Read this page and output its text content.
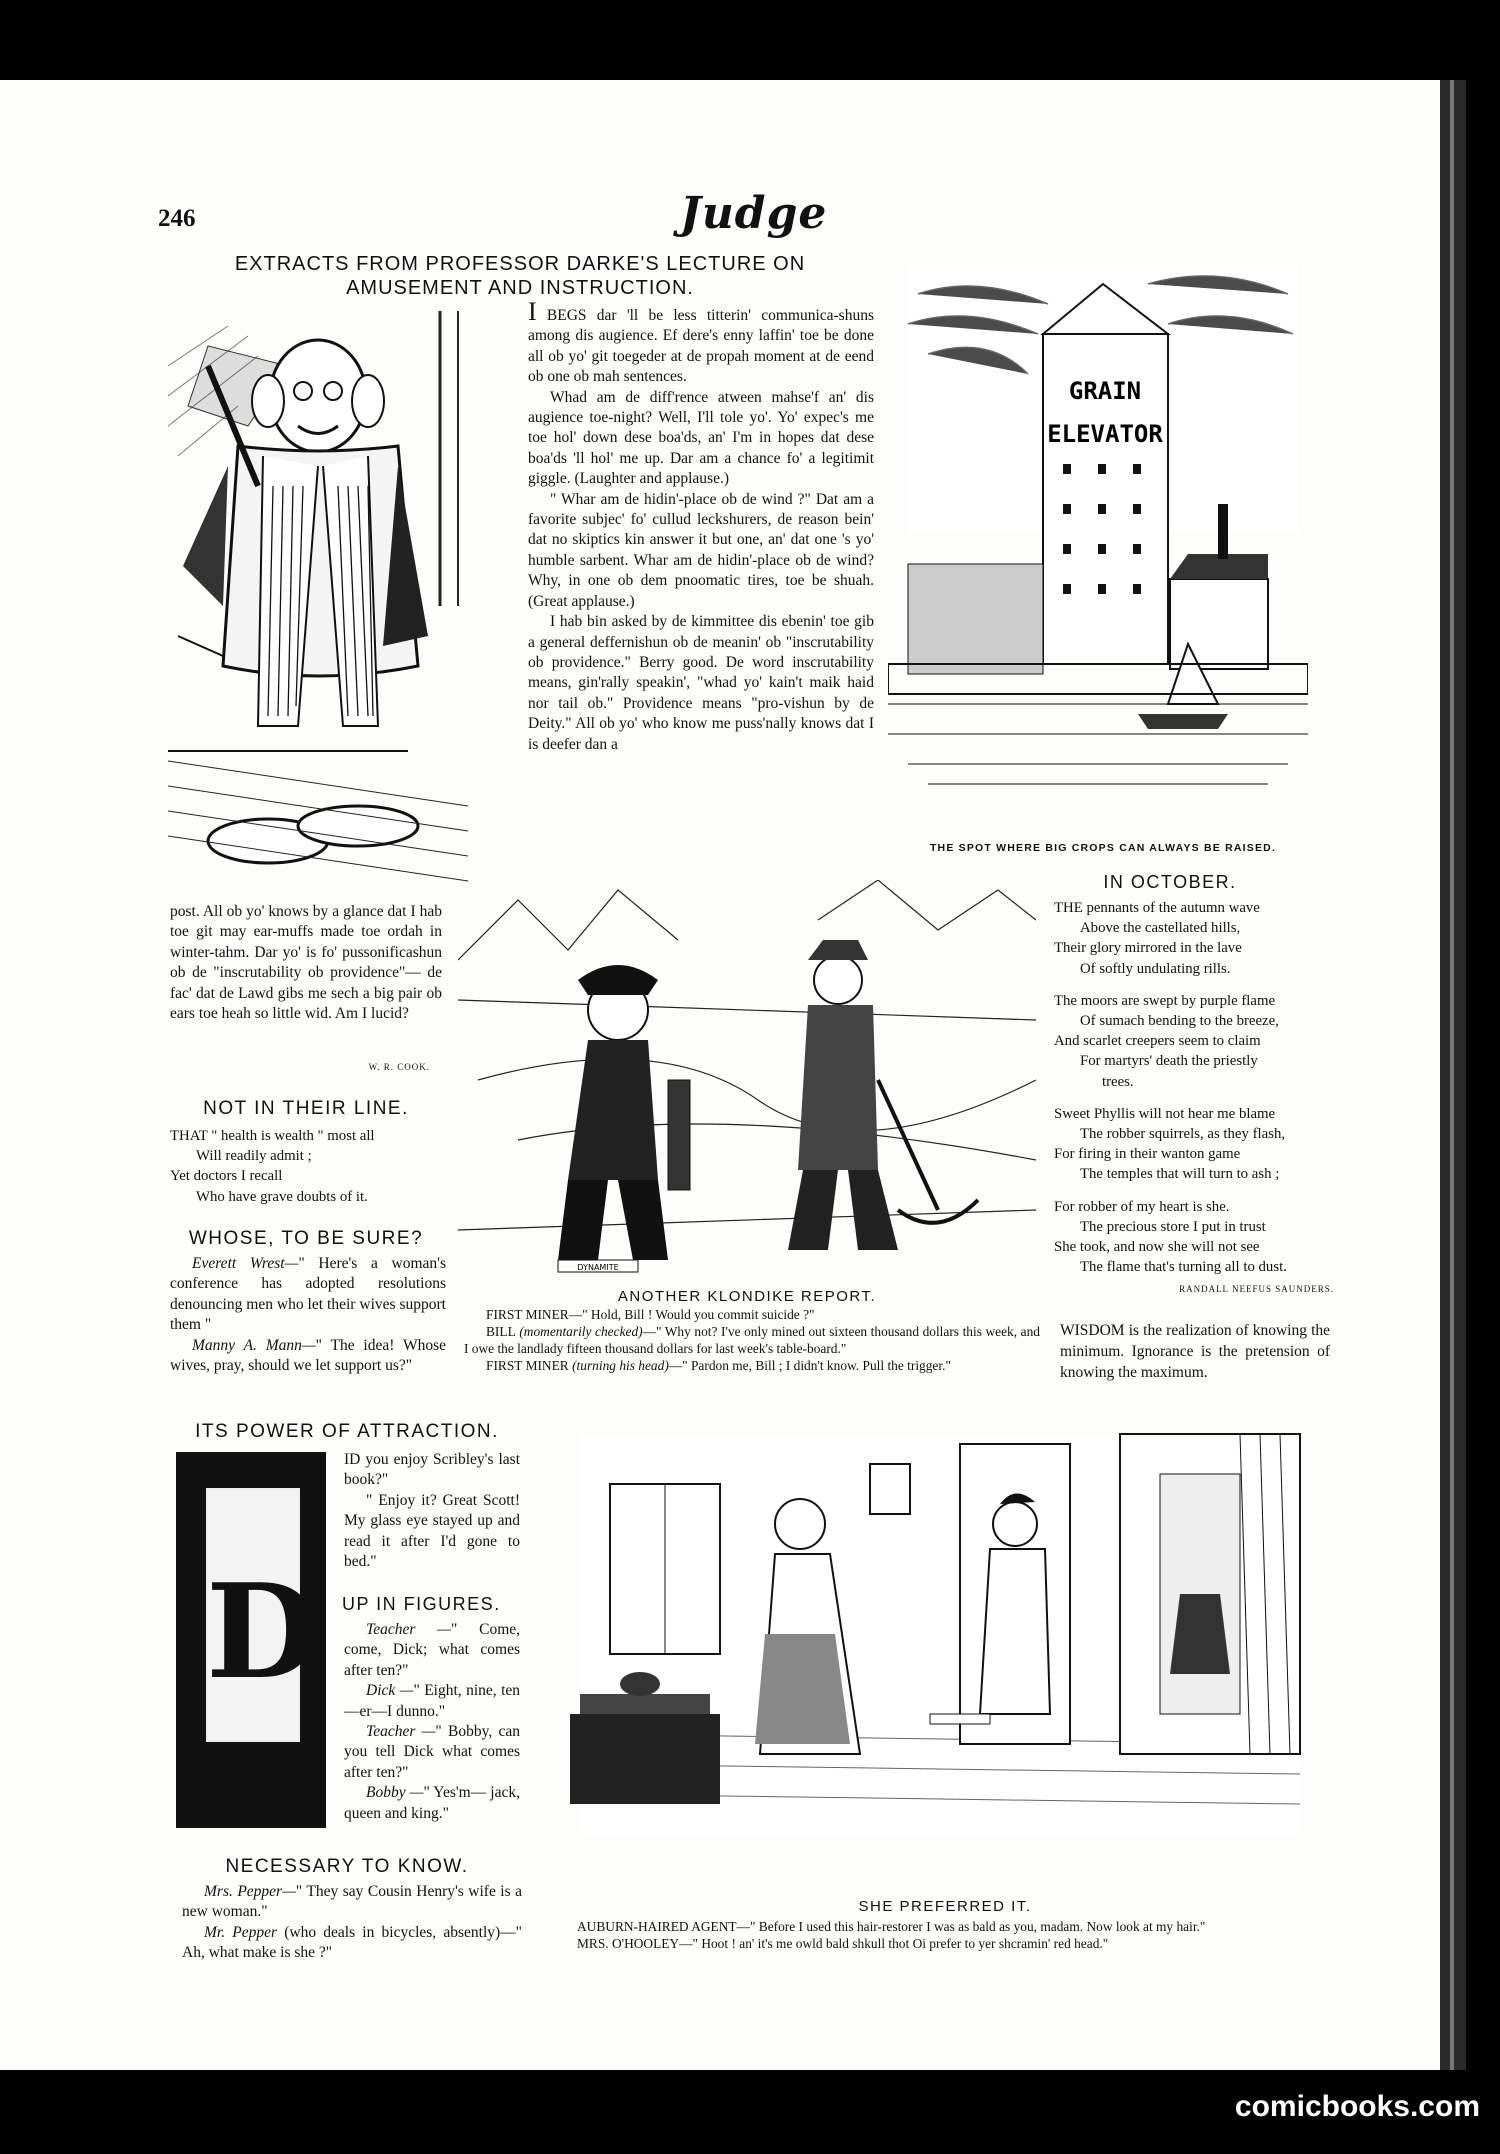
246	Judge
EXTRACTS FROM PROFESSOR DARKE'S LECTURE ON
AMUSEMENT AND INSTRUCTION.

I BEGS dar 'll be less titterin' communica-shuns among dis augience. Ef dere's enny laffin' toe be done all ob yo' git toegeder at de propah moment at de eend ob one ob mah sentences.

Whad am de diff'rence atween mahse'f an' dis augience toe-night? Well, I'll tole yo'. Yo' expec's me toe hol' down dese boa'ds, an' I'm in hopes dat dese boa'ds 'll hol' me up. Dar am a chance fo' a legitimit giggle. (Laughter and applause.)

" Whar am de hidin'-place ob de wind ?" Dat am a favorite subjec' fo' cullud leckshurers, de reason bein' dat no skiptics kin answer it but one, an' dat one 's yo' humble sarbent. Whar am de hidin'-place ob de wind? Why, in one ob dem pnoomatic tires, toe be shuah. (Great applause.)

I hab bin asked by de kimmittee dis ebenin' toe gib a general deffernishun ob de meanin' ob "inscrutability ob providence." Berry good. De word inscrutability means, gin'rally speakin', "whad yo' kain't maik haid nor tail ob." Providence means "pro-vishun by de Deity." All ob yo' who know me puss'nally knows dat I is deefer dan a

GRAIN
ELEVATOR
THE SPOT WHERE BIG CROPS CAN ALWAYS BE RAISED.
IN OCTOBER.
THE pennants of the autumn wave
Above the castellated hills,
Their glory mirrored in the lave
Of softly undulating rills.
The moors are swept by purple flame
Of sumach bending to the breeze,
And scarlet creepers seem to claim
For martyrs' death the priestly
trees.
Sweet Phyllis will not hear me blame
The robber squirrels, as they flash,
For firing in their wanton game
The temples that will turn to ash ;
For robber of my heart is she.
The precious store I put in trust
She took, and now she will not see
The flame that's turning all to dust.
RANDALL NEEFUS SAUNDERS.
WISDOM is the realization of knowing the minimum. Ignorance is the pretension of knowing the maximum.
post. All ob yo' knows by a glance dat I hab toe git may ear-muffs made toe ordah in winter-tahm. Dar yo' is fo' pussonificashun ob de "inscrutability ob providence"— de fac' dat de Lawd gibs me sech a big pair ob ears toe heah so little wid. Am I lucid?
W. R. COOK.
NOT IN THEIR LINE.
THAT " health is wealth " most all
Will readily admit ;
Yet doctors I recall
Who have grave doubts of it.
WHOSE, TO BE SURE?

Everett Wrest—" Here's a woman's conference has adopted resolutions denouncing men who let their wives support them "

Manny A. Mann—" The idea! Whose wives, pray, should we let support us?"

DYNAMITE
ANOTHER KLONDIKE REPORT.

FIRST MINER—" Hold, Bill ! Would you commit suicide ?"

BILL (momentarily checked)—" Why not? I've only mined out sixteen thousand dollars this week, and I owe the landlady fifteen thousand dollars for last week's table-board."

FIRST MINER (turning his head)—" Pardon me, Bill ; I didn't know. Pull the trigger."

ITS POWER OF ATTRACTION.
D

ID you enjoy Scribley's last book?"

" Enjoy it? Great Scott! My glass eye stayed up and read it after I'd gone to bed."

UP IN FIGURES.

Teacher —" Come, come, Dick; what comes after ten?"

Dick —" Eight, nine, ten—er—I dunno."

Teacher —" Bobby, can you tell Dick what comes after ten?"

Bobby —" Yes'm— jack, queen and king."

NECESSARY TO KNOW.

Mrs. Pepper—" They say Cousin Henry's wife is a new woman."

Mr. Pepper (who deals in bicycles, absently)—" Ah, what make is she ?"

SHE PREFERRED IT.

AUBURN-HAIRED AGENT—" Before I used this hair-restorer I was as bald as you, madam. Now look at my hair."

MRS. O'HOOLEY—" Hoot ! an' it's me owld bald shkull thot Oi prefer to yer shcramin' red head."

comicbooks.com
